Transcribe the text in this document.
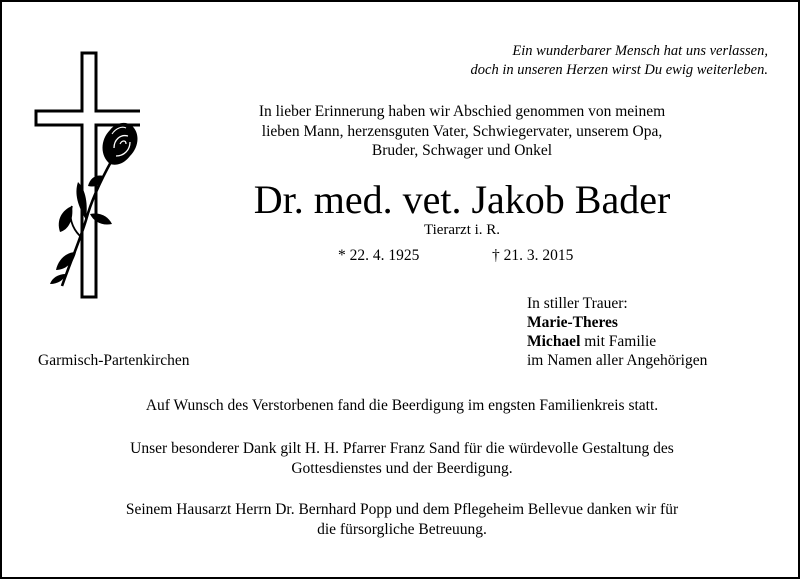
Ein wunderbarer Mensch hat uns verlassen,
doch in unseren Herzen wirst Du ewig weiterleben.
In lieber Erinnerung haben wir Abschied genommen von meinem
lieben Mann, herzensguten Vater, Schwiegervater, unserem Opa,
Bruder, Schwager und Onkel
Dr. med. vet. Jakob Bader
Tierarzt i. R.
* 22. 4. 1925	† 21. 3. 2015
In stiller Trauer:
Marie-Theres
Michael mit Familie
im Namen aller Angehörigen
Garmisch-Partenkirchen
Auf Wunsch des Verstorbenen fand die Beerdigung im engsten Familienkreis statt.
Unser besonderer Dank gilt H. H. Pfarrer Franz Sand für die würdevolle Gestaltung des
Gottesdienstes und der Beerdigung.
Seinem Hausarzt Herrn Dr. Bernhard Popp und dem Pflegeheim Bellevue danken wir für
die fürsorgliche Betreuung.
